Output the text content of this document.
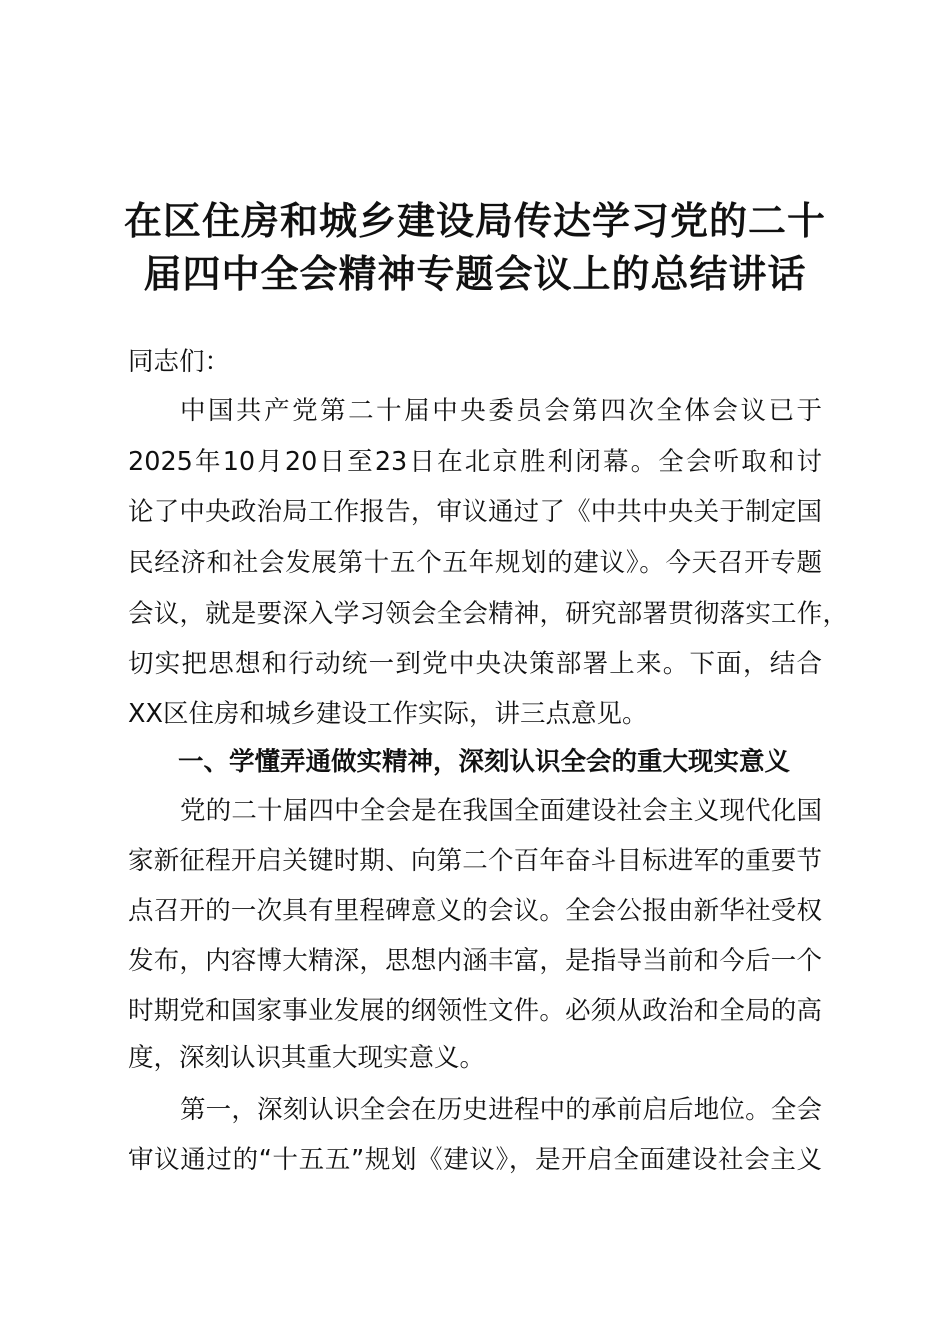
在区住房和城乡建设局传达学习党的二十
届四中全会精神专题会议上的总结讲话
同志们：
中国共产党第二十届中央委员会第四次全体会议已于
2025年10月20日至23日在北京胜利闭幕。全会听取和讨
论了中央政治局工作报告，审议通过了《中共中央关于制定国
民经济和社会发展第十五个五年规划的建议》。今天召开专题
会议，就是要深入学习领会全会精神，研究部署贯彻落实工作，
切实把思想和行动统一到党中央决策部署上来。下面，结合
XX区住房和城乡建设工作实际，讲三点意见。
一、学懂弄通做实精神，深刻认识全会的重大现实意义
党的二十届四中全会是在我国全面建设社会主义现代化国
家新征程开启关键时期、向第二个百年奋斗目标进军的重要节
点召开的一次具有里程碑意义的会议。全会公报由新华社受权
发布，内容博大精深，思想内涵丰富，是指导当前和今后一个
时期党和国家事业发展的纲领性文件。必须从政治和全局的高
度，深刻认识其重大现实意义。
第一，深刻认识全会在历史进程中的承前启后地位。全会
审议通过的“十五五”规划《建议》，是开启全面建设社会主义
